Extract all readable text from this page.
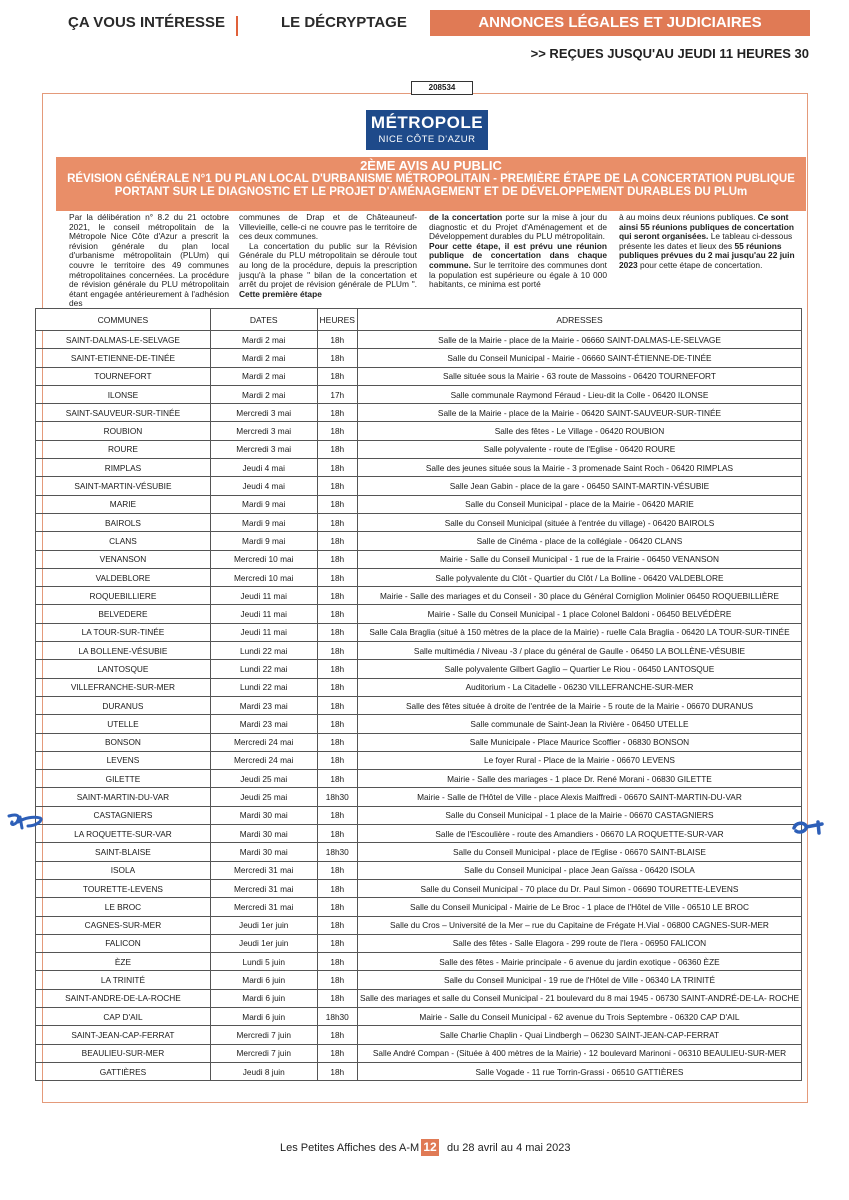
ÇA VOUS INTÉRESSE	LE DÉCRYPTAGE	ANNONCES LÉGALES ET JUDICIAIRES
>> REÇUES JUSQU'AU JEUDI 11 HEURES 30
208534
MÉTROPOLE
NICE CÔTE D'AZUR
2ÈME AVIS AU PUBLIC
RÉVISION GÉNÉRALE N°1 DU PLAN LOCAL D'URBANISME MÉTROPOLITAIN - PREMIÈRE ÉTAPE DE LA CONCERTATION PUBLIQUE
PORTANT SUR LE DIAGNOSTIC ET LE PROJET D'AMÉNAGEMENT ET DE DÉVELOPPEMENT DURABLES DU PLUm
Par la délibération n° 8.2 du 21 octobre 2021, le conseil métropolitain de la Métropole Nice Côte d'Azur a prescrit la révision générale du plan local d'urbanisme métropolitain (PLUm) qui couvre le territoire des 49 communes métropolitaines concernées. La procédure de révision générale du PLU métropolitain étant engagée antérieurement à l'adhésion des
communes de Drap et de Châteauneuf-Villevieille, celle-ci ne couvre pas le territoire de ces deux communes.
La concertation du public sur la Révision Générale du PLU métropolitain se déroule tout au long de la procédure, depuis la prescription jusqu'à la phase " bilan de la concertation et arrêt du projet de révision générale de PLUm ". Cette première étape
de la concertation porte sur la mise à jour du diagnostic et du Projet d'Aménagement et de Développement durables du PLU métropolitain.
Pour cette étape, il est prévu une réunion publique de concertation dans chaque commune. Sur le territoire des communes dont la population est supérieure ou égale à 10 000 habitants, ce minima est porté
à au moins deux réunions publiques. Ce sont ainsi 55 réunions publiques de concertation qui seront organisées. Le tableau ci-dessous présente les dates et lieux des 55 réunions publiques prévues du 2 mai jusqu'au 22 juin 2023 pour cette étape de concertation.
COMMUNES	DATES	HEURES	ADRESSES
SAINT-DALMAS-LE-SELVAGE	Mardi 2 mai	18h	Salle de la Mairie - place de la Mairie - 06660 SAINT-DALMAS-LE-SELVAGE
SAINT-ETIENNE-DE-TINÉE	Mardi 2 mai	18h	Salle du Conseil Municipal - Mairie - 06660 SAINT-ÉTIENNE-DE-TINÉE
TOURNEFORT	Mardi 2 mai	18h	Salle située sous la Mairie - 63 route de Massoins - 06420 TOURNEFORT
ILONSE	Mardi 2 mai	17h	Salle communale Raymond Féraud - Lieu-dit la Colle - 06420 ILONSE
SAINT-SAUVEUR-SUR-TINÉE	Mercredi 3 mai	18h	Salle de la Mairie - place de la Mairie - 06420 SAINT-SAUVEUR-SUR-TINÉE
ROUBION	Mercredi 3 mai	18h	Salle des fêtes - Le Village - 06420 ROUBION
ROURE	Mercredi 3 mai	18h	Salle polyvalente - route de l'Eglise - 06420 ROURE
RIMPLAS	Jeudi 4 mai	18h	Salle des jeunes située sous la Mairie - 3 promenade Saint Roch - 06420 RIMPLAS
SAINT-MARTIN-VÉSUBIE	Jeudi 4 mai	18h	Salle Jean Gabin - place de la gare - 06450 SAINT-MARTIN-VÉSUBIE
MARIE	Mardi 9 mai	18h	Salle du Conseil Municipal - place de la Mairie - 06420 MARIE
BAIROLS	Mardi 9 mai	18h	Salle du Conseil Municipal (située à l'entrée du village) - 06420 BAIROLS
CLANS	Mardi 9 mai	18h	Salle de Cinéma - place de la collégiale - 06420 CLANS
VENANSON	Mercredi 10 mai	18h	Mairie - Salle du Conseil Municipal - 1 rue de la Frairie - 06450 VENANSON
VALDEBLORE	Mercredi 10 mai	18h	Salle polyvalente du Clôt - Quartier du Clôt / La Bolline - 06420 VALDEBLORE
ROQUEBILLIERE	Jeudi 11 mai	18h	Mairie - Salle des mariages et du Conseil - 30 place du Général Corniglion Molinier 06450 ROQUEBILLIÈRE
BELVEDERE	Jeudi 11 mai	18h	Mairie - Salle du Conseil Municipal - 1 place Colonel Baldoni - 06450 BELVÉDÈRE
LA TOUR-SUR-TINÉE	Jeudi 11 mai	18h	Salle Cala Braglia (situé à 150 mètres de la place de la Mairie) - ruelle Cala Braglia - 06420 LA TOUR-SUR-TINÉE
LA BOLLENE-VÉSUBIE	Lundi 22 mai	18h	Salle multimédia / Niveau -3 / place du général de Gaulle - 06450 LA BOLLÈNE-VÉSUBIE
LANTOSQUE	Lundi 22 mai	18h	Salle polyvalente Gilbert Gaglio – Quartier Le Riou - 06450 LANTOSQUE
VILLEFRANCHE-SUR-MER	Lundi 22 mai	18h	Auditorium - La Citadelle - 06230 VILLEFRANCHE-SUR-MER
DURANUS	Mardi 23 mai	18h	Salle des fêtes située à droite de l'entrée de la Mairie - 5 route de la Mairie - 06670 DURANUS
UTELLE	Mardi 23 mai	18h	Salle communale de Saint-Jean la Rivière - 06450 UTELLE
BONSON	Mercredi 24 mai	18h	Salle Municipale - Place Maurice Scoffier - 06830 BONSON
LEVENS	Mercredi 24 mai	18h	Le foyer Rural - Place de la Mairie - 06670 LEVENS
GILETTE	Jeudi 25 mai	18h	Mairie - Salle des mariages - 1 place Dr. René Morani - 06830 GILETTE
SAINT-MARTIN-DU-VAR	Jeudi 25 mai	18h30	Mairie - Salle de l'Hôtel de Ville - place Alexis Maiffredi - 06670 SAINT-MARTIN-DU-VAR
CASTAGNIERS	Mardi 30 mai	18h	Salle du Conseil Municipal - 1 place de la Mairie - 06670 CASTAGNIERS
LA ROQUETTE-SUR-VAR	Mardi 30 mai	18h	Salle de l'Escoulière - route des Amandiers - 06670 LA ROQUETTE-SUR-VAR
SAINT-BLAISE	Mardi 30 mai	18h30	Salle du Conseil Municipal - place de l'Eglise - 06670 SAINT-BLAISE
ISOLA	Mercredi 31 mai	18h	Salle du Conseil Municipal - place Jean Gaïssa - 06420 ISOLA
TOURETTE-LEVENS	Mercredi 31 mai	18h	Salle du Conseil Municipal - 70 place du Dr. Paul Simon - 06690 TOURETTE-LEVENS
LE BROC	Mercredi 31 mai	18h	Salle du Conseil Municipal - Mairie de Le Broc - 1 place de l'Hôtel de Ville - 06510 LE BROC
CAGNES-SUR-MER	Jeudi 1er juin	18h	Salle du Cros – Université de la Mer – rue du Capitaine de Frégate H.Vial - 06800 CAGNES-SUR-MER
FALICON	Jeudi 1er juin	18h	Salle des fêtes - Salle Elagora - 299 route de l'Iera - 06950 FALICON
ÈZE	Lundi 5 juin	18h	Salle des fêtes - Mairie principale - 6 avenue du jardin exotique - 06360 ÈZE
LA TRINITÉ	Mardi 6 juin	18h	Salle du Conseil Municipal - 19 rue de l'Hôtel de Ville - 06340 LA TRINITÉ
SAINT-ANDRE-DE-LA-ROCHE	Mardi 6 juin	18h	Salle des mariages et salle du Conseil Municipal - 21 boulevard du 8 mai 1945 - 06730 SAINT-ANDRÉ-DE-LA- ROCHE
CAP D'AIL	Mardi 6 juin	18h30	Mairie - Salle du Conseil Municipal - 62 avenue du Trois Septembre - 06320 CAP D'AIL
SAINT-JEAN-CAP-FERRAT	Mercredi 7 juin	18h	Salle Charlie Chaplin - Quai Lindbergh – 06230 SAINT-JEAN-CAP-FERRAT
BEAULIEU-SUR-MER	Mercredi 7 juin	18h	Salle André Compan - (Située à 400 mètres de la Mairie) - 12 boulevard Marinoni - 06310 BEAULIEU-SUR-MER
GATTIÈRES	Jeudi 8 juin	18h	Salle Vogade - 11 rue Torrin-Grassi - 06510 GATTIÈRES
Les Petites Affiches des A-M 12 du 28 avril au 4 mai 2023
